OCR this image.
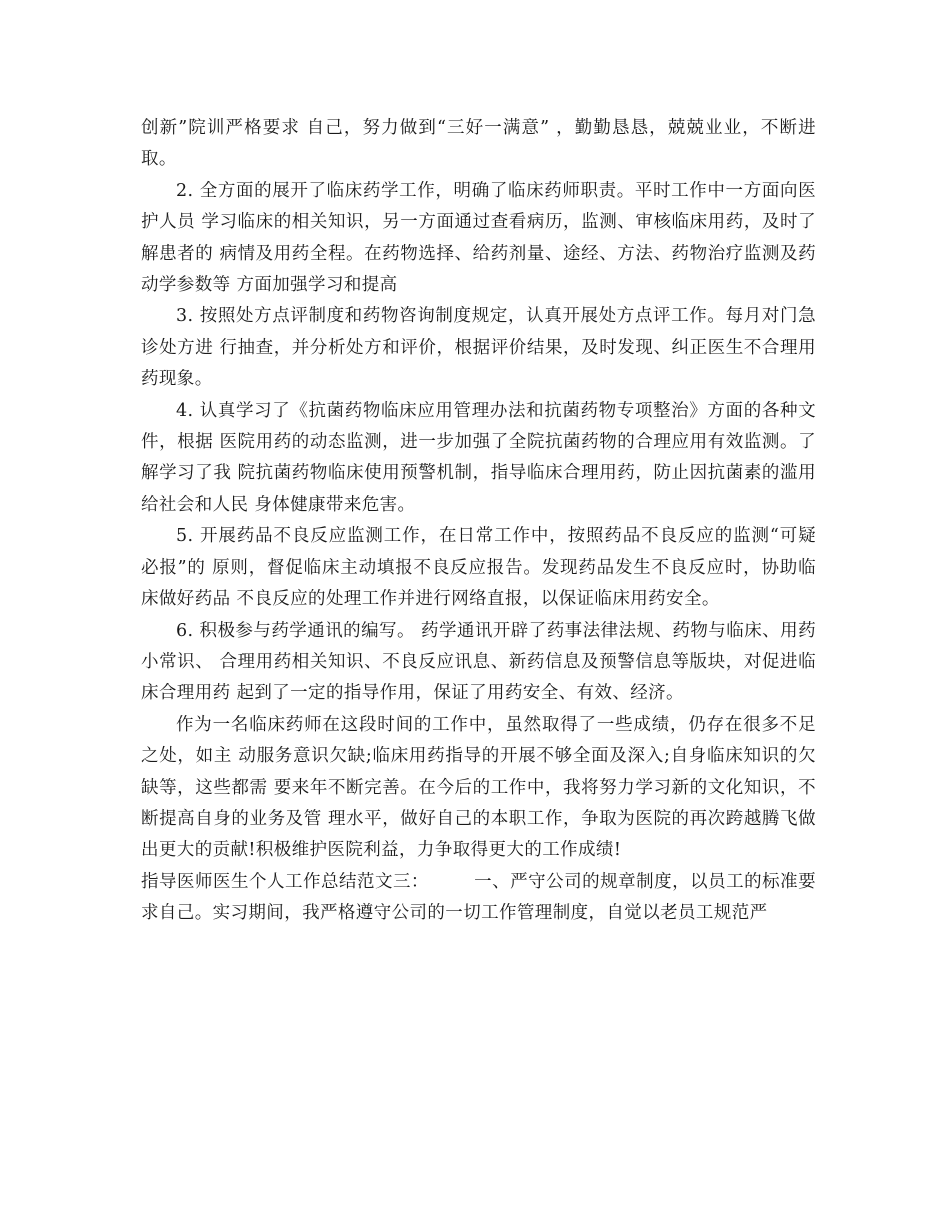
创新”院训严格要求 自己，努力做到“三好一满意” ，勤勤恳恳，兢兢业业，不断进取。

2. 全方面的展开了临床药学工作，明确了临床药师职责。平时工作中一方面向医护人员 学习临床的相关知识，另一方面通过查看病历，监测、审核临床用药，及时了解患者的 病情及用药全程。在药物选择、给药剂量、途经、方法、药物治疗监测及药动学参数等 方面加强学习和提高

3. 按照处方点评制度和药物咨询制度规定，认真开展处方点评工作。每月对门急诊处方进 行抽查，并分析处方和评价，根据评价结果，及时发现、纠正医生不合理用药现象。

4. 认真学习了《抗菌药物临床应用管理办法和抗菌药物专项整治》方面的各种文件，根据 医院用药的动态监测，进一步加强了全院抗菌药物的合理应用有效监测。了解学习了我 院抗菌药物临床使用预警机制，指导临床合理用药，防止因抗菌素的滥用给社会和人民 身体健康带来危害。

5. 开展药品不良反应监测工作，在日常工作中，按照药品不良反应的监测“可疑必报”的 原则，督促临床主动填报不良反应报告。发现药品发生不良反应时，协助临床做好药品 不良反应的处理工作并进行网络直报，以保证临床用药安全。

6. 积极参与药学通讯的编写。 药学通讯开辟了药事法律法规、药物与临床、用药小常识、 合理用药相关知识、不良反应讯息、新药信息及预警信息等版块，对促进临床合理用药 起到了一定的指导作用，保证了用药安全、有效、经济。

作为一名临床药师在这段时间的工作中，虽然取得了一些成绩，仍存在很多不足之处，如主 动服务意识欠缺;临床用药指导的开展不够全面及深入;自身临床知识的欠缺等，这些都需 要来年不断完善。在今后的工作中，我将努力学习新的文化知识，不断提高自身的业务及管 理水平，做好自己的本职工作，争取为医院的再次跨越腾飞做出更大的贡献!积极维护医院利益，力争取得更大的工作成绩!

指导医师医生个人工作总结范文三：　　　一、严守公司的规章制度，以员工的标准要求自己。实习期间，我严格遵守公司的一切工作管理制度，自觉以老员工规范严
